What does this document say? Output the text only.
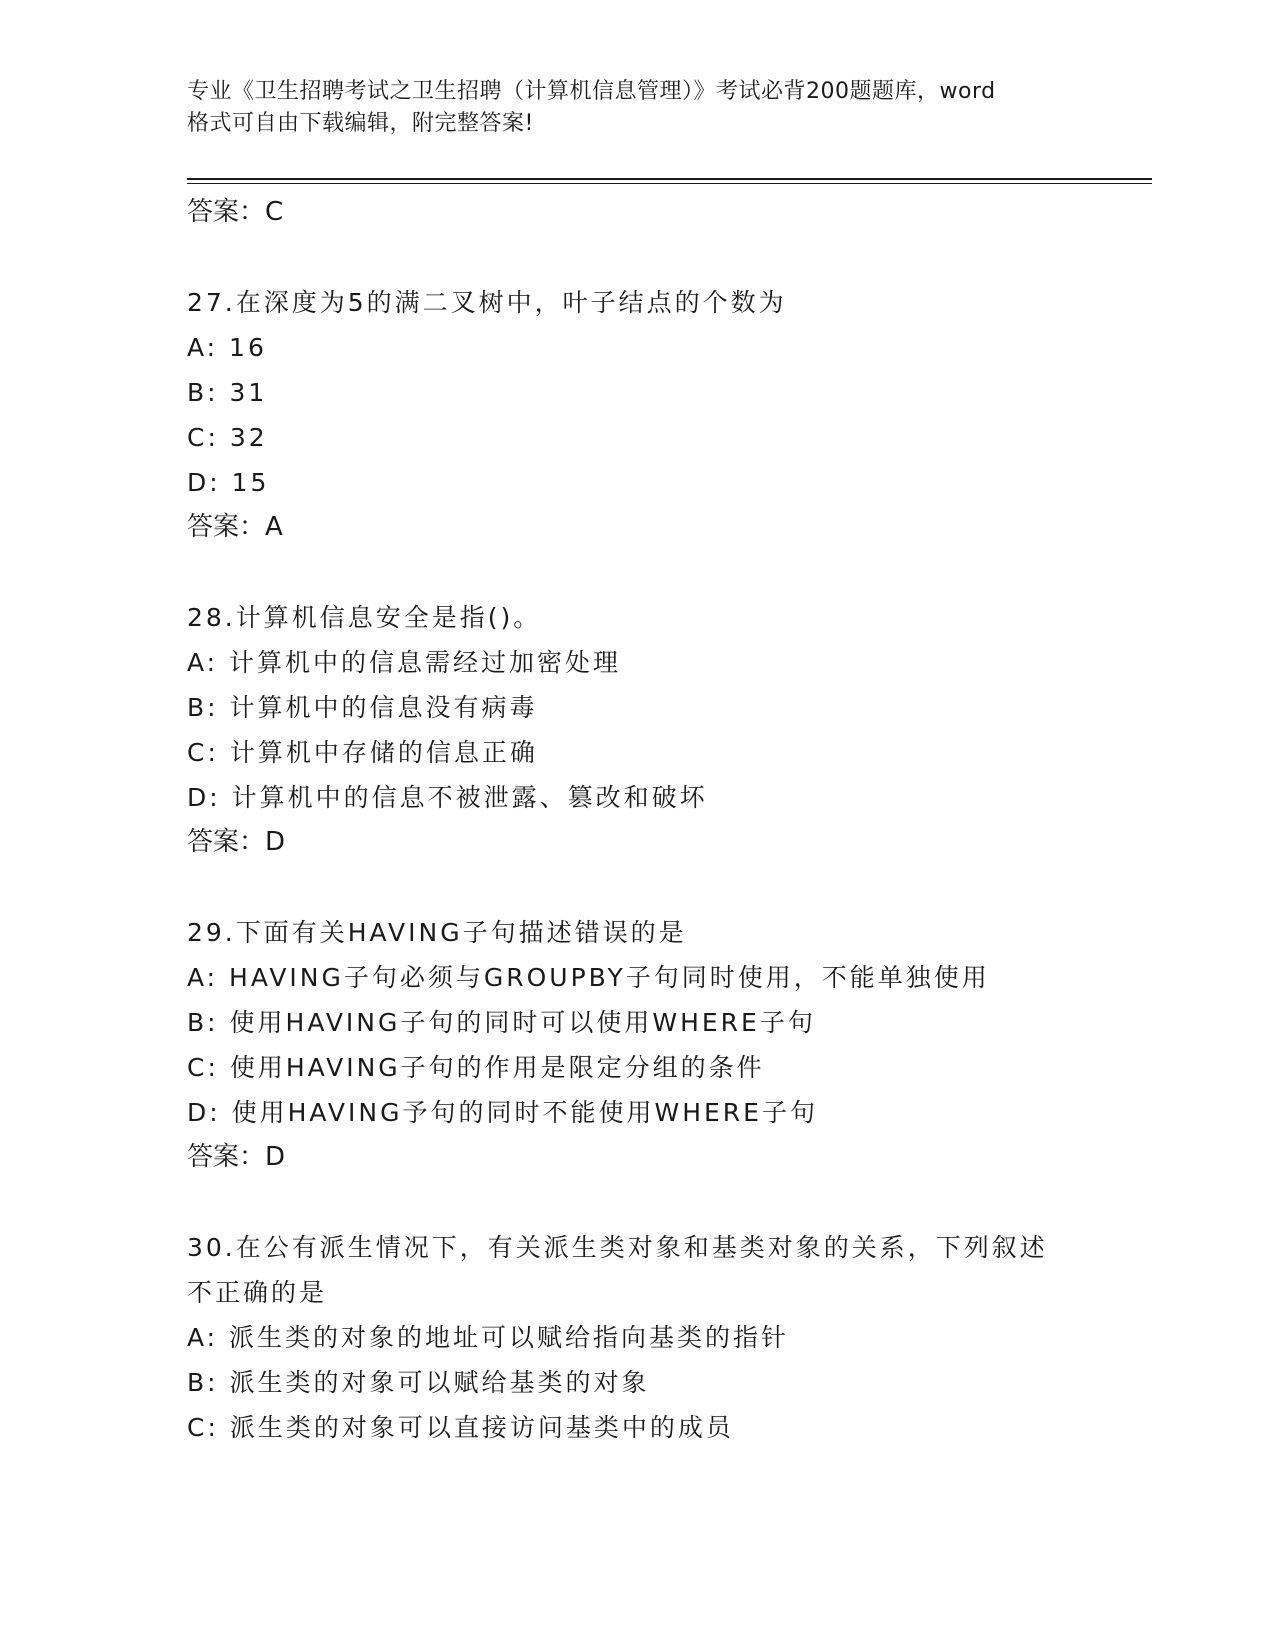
专业《卫生招聘考试之卫生招聘（计算机信息管理）》考试必背200题题库，word
格式可自由下载编辑，附完整答案!
答案：C
27.在深度为5的满二叉树中，叶子结点的个数为
A: 16
B: 31
C: 32
D: 15
答案：A
28.计算机信息安全是指()。
A: 计算机中的信息需经过加密处理
B: 计算机中的信息没有病毒
C: 计算机中存储的信息正确
D: 计算机中的信息不被泄露、篡改和破坏
答案：D
29.下面有关HAVING子句描述错误的是
A: HAVING子句必须与GROUPBY子句同时使用，不能单独使用
B: 使用HAVING子句的同时可以使用WHERE子句
C: 使用HAVING子句的作用是限定分组的条件
D: 使用HAVING予句的同时不能使用WHERE子句
答案：D
30.在公有派生情况下，有关派生类对象和基类对象的关系，下列叙述
不正确的是
A: 派生类的对象的地址可以赋给指向基类的指针
B: 派生类的对象可以赋给基类的对象
C: 派生类的对象可以直接访问基类中的成员
